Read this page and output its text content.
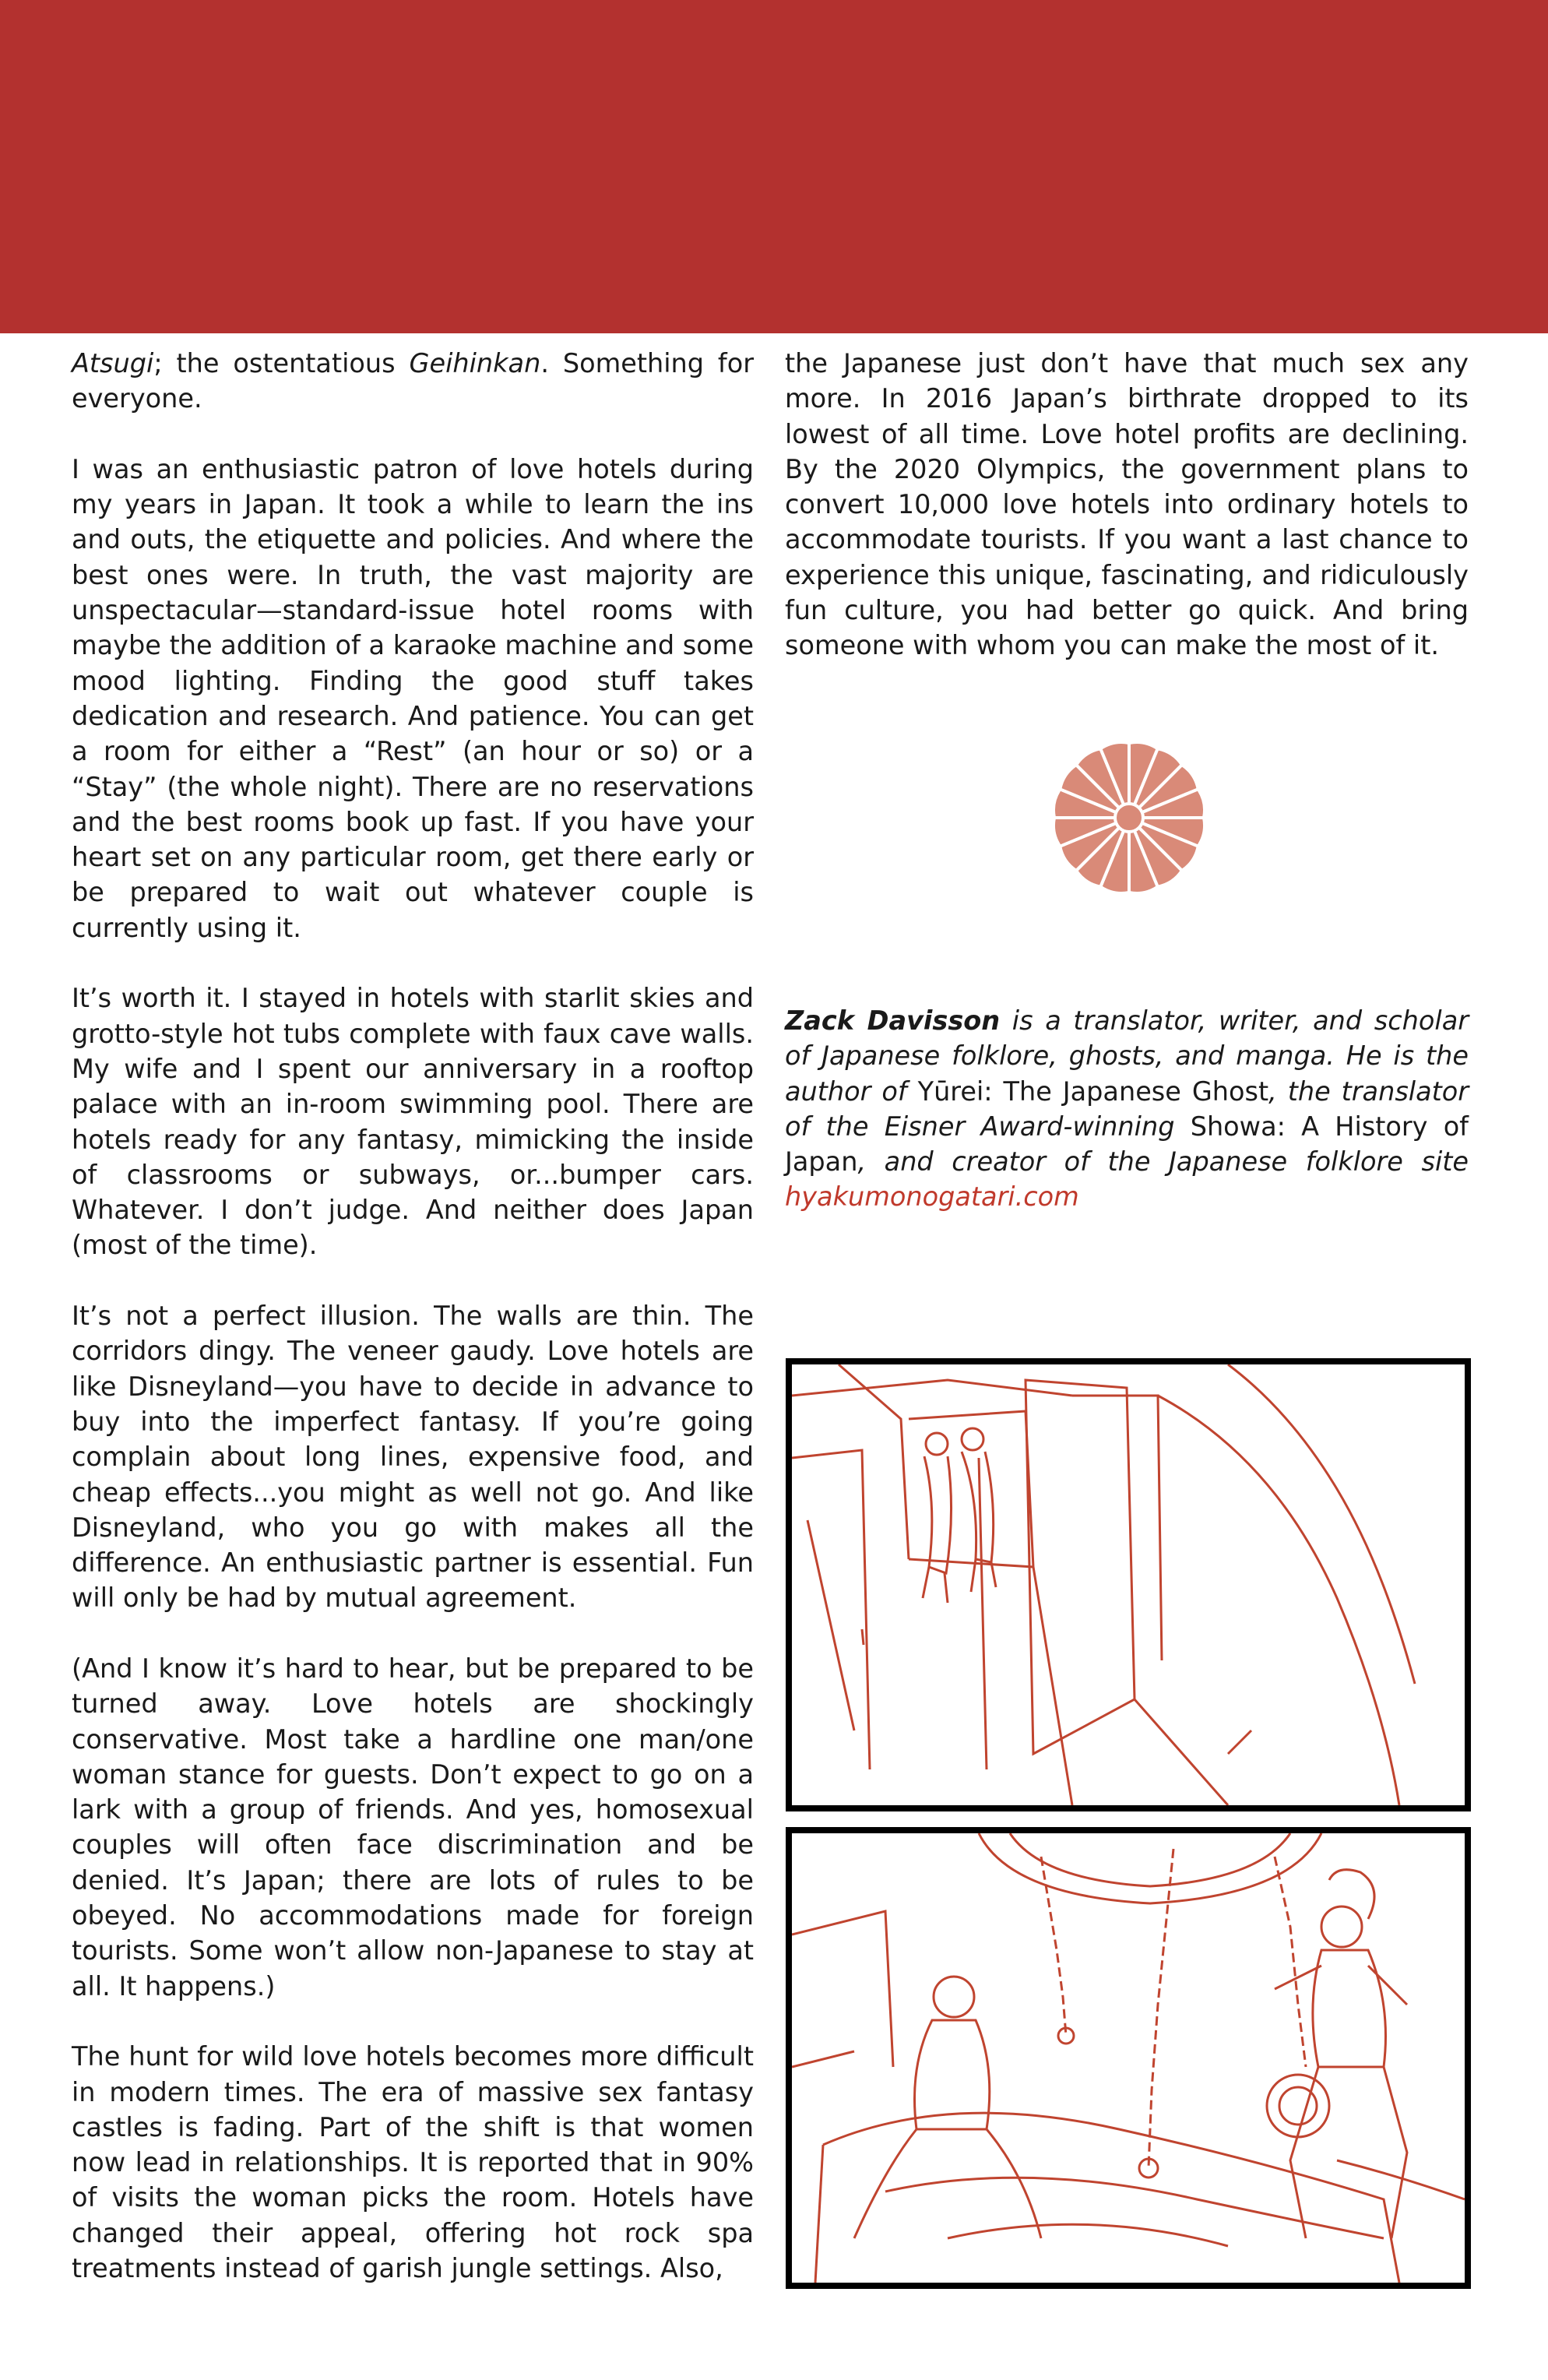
Atsugi; the ostentatious Geihinkan. Something for everyone.

I was an enthusiastic patron of love hotels during my years in Japan. It took a while to learn the ins and outs, the etiquette and policies. And where the best ones were. In truth, the vast majority are unspectacular—standard-issue hotel rooms with maybe the addition of a karaoke machine and some mood lighting. Finding the good stuff takes dedication and research. And patience. You can get a room for either a “Rest” (an hour or so) or a “Stay” (the whole night). There are no reservations and the best rooms book up fast. If you have your heart set on any particular room, get there early or be prepared to wait out whatever couple is currently using it.

It’s worth it. I stayed in hotels with starlit skies and grotto-style hot tubs complete with faux cave walls. My wife and I spent our anniversary in a rooftop palace with an in-room swimming pool. There are hotels ready for any fantasy, mimicking the inside of classrooms or subways, or...bumper cars. Whatever. I don’t judge. And neither does Japan (most of the time).

It’s not a perfect illusion. The walls are thin. The corridors dingy. The veneer gaudy. Love hotels are like Disneyland—you have to decide in advance to buy into the imperfect fantasy. If you’re going complain about long lines, expensive food, and cheap effects...you might as well not go. And like Disneyland, who you go with makes all the difference. An enthusiastic partner is essential. Fun will only be had by mutual agreement.

(And I know it’s hard to hear, but be prepared to be turned away. Love hotels are shockingly conservative. Most take a hardline one man/one woman stance for guests. Don’t expect to go on a lark with a group of friends. And yes, homosexual couples will often face discrimination and be denied. It’s Japan; there are lots of rules to be obeyed. No accommodations made for foreign tourists. Some won’t allow non-Japanese to stay at all. It happens.)

The hunt for wild love hotels becomes more difficult in modern times. The era of massive sex fantasy castles is fading. Part of the shift is that women now lead in relationships. It is reported that in 90% of visits the woman picks the room. Hotels have changed their appeal, offering hot rock spa treatments instead of garish jungle settings. Also,

the Japanese just don’t have that much sex any more. In 2016 Japan’s birthrate dropped to its lowest of all time. Love hotel profits are declining. By the 2020 Olympics, the government plans to convert 10,000 love hotels into ordinary hotels to accommodate tourists. If you want a last chance to experience this unique, fascinating, and ridiculously fun culture, you had better go quick. And bring someone with whom you can make the most of it.

Zack Davisson is a translator, writer, and scholar of Japanese folklore, ghosts, and manga. He is the author of Yūrei: The Japanese Ghost, the translator of the Eisner Award-winning Showa: A History of Japan, and creator of the Japanese folklore site hyakumonogatari.com
